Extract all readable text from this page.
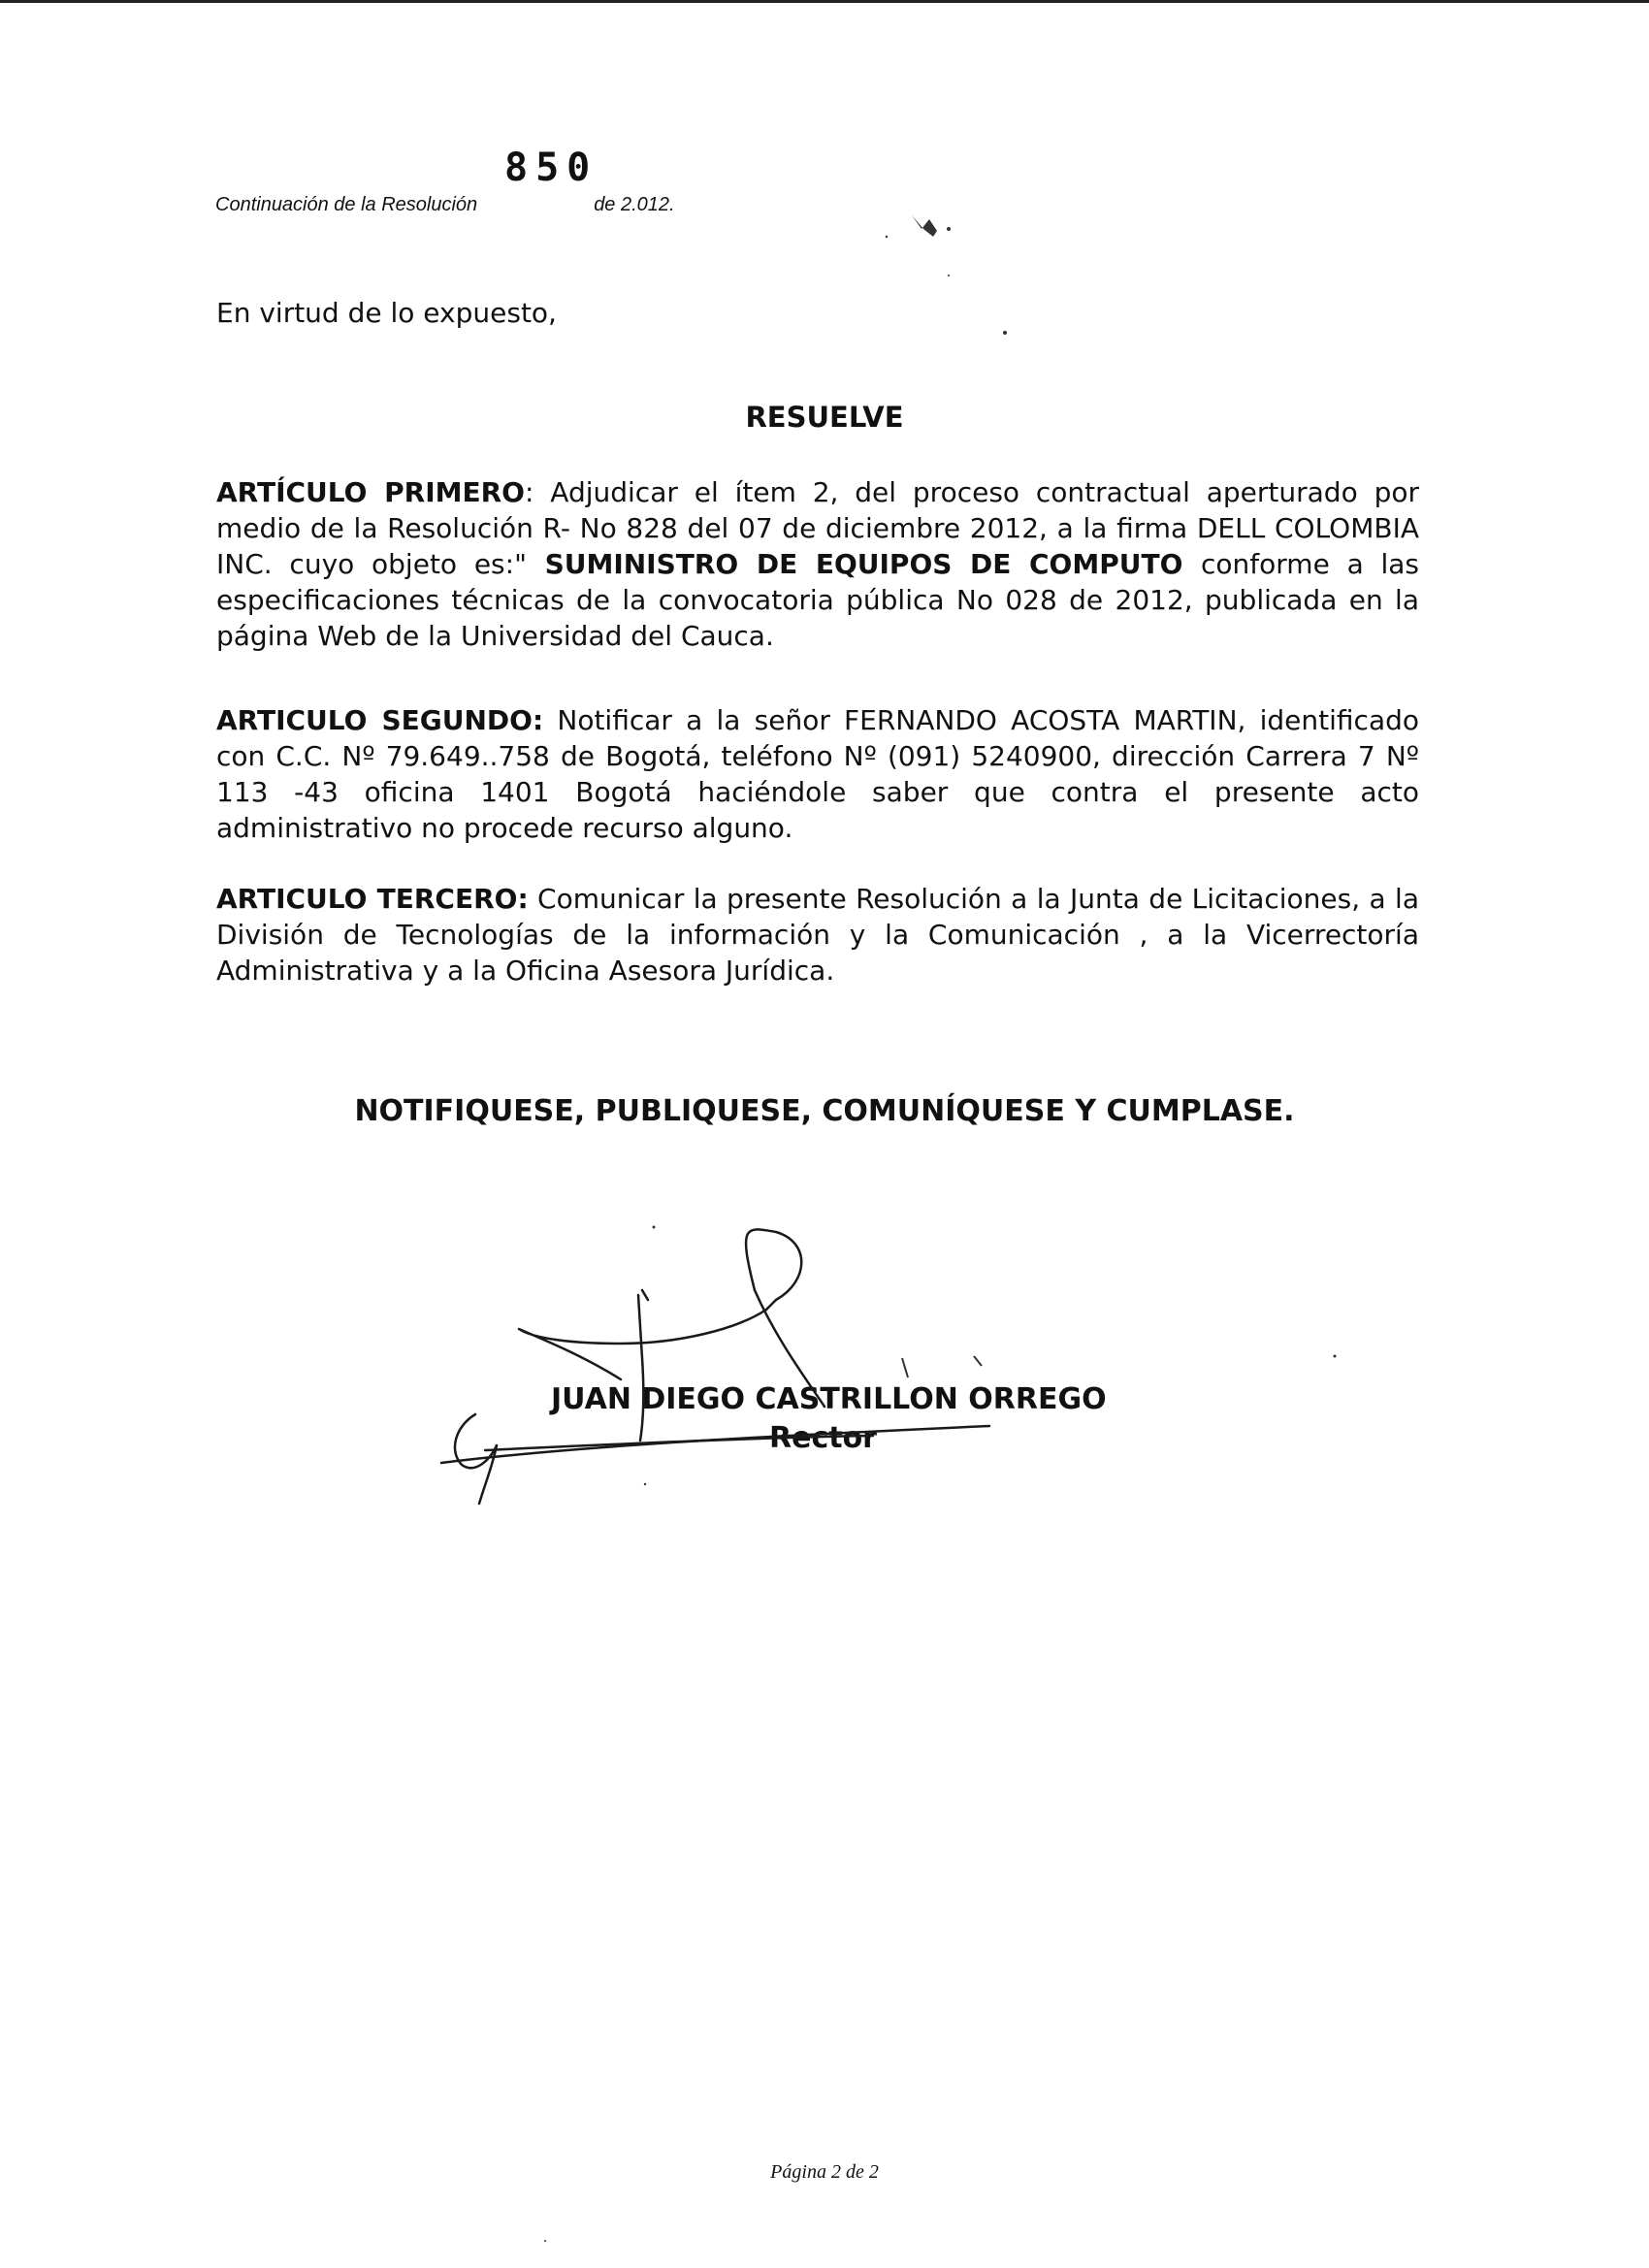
850
Continuación de la Resolución	de 2.012.
En virtud de lo expuesto,
RESUELVE
ARTÍCULO PRIMERO: Adjudicar el ítem 2, del proceso contractual aperturado por medio de la Resolución R- No 828 del 07 de diciembre 2012, a la firma DELL COLOMBIA INC. cuyo objeto es:" SUMINISTRO DE EQUIPOS DE COMPUTO conforme a las especificaciones técnicas de la convocatoria pública No 028 de 2012, publicada en la página Web de la Universidad del Cauca.
ARTICULO SEGUNDO: Notificar a la señor FERNANDO ACOSTA MARTIN, identificado con C.C. Nº 79.649..758 de Bogotá, teléfono Nº (091) 5240900, dirección Carrera 7 Nº 113 -43 oficina 1401 Bogotá haciéndole saber que contra el presente acto administrativo no procede recurso alguno.
ARTICULO TERCERO: Comunicar la presente Resolución a la Junta de Licitaciones, a la División de Tecnologías de la información y la Comunicación , a la Vicerrectoría Administrativa y a la Oficina Asesora Jurídica.
NOTIFIQUESE, PUBLIQUESE, COMUNÍQUESE Y CUMPLASE.
JUAN DIEGO CASTRILLON ORREGO
Rector
Página 2 de 2
